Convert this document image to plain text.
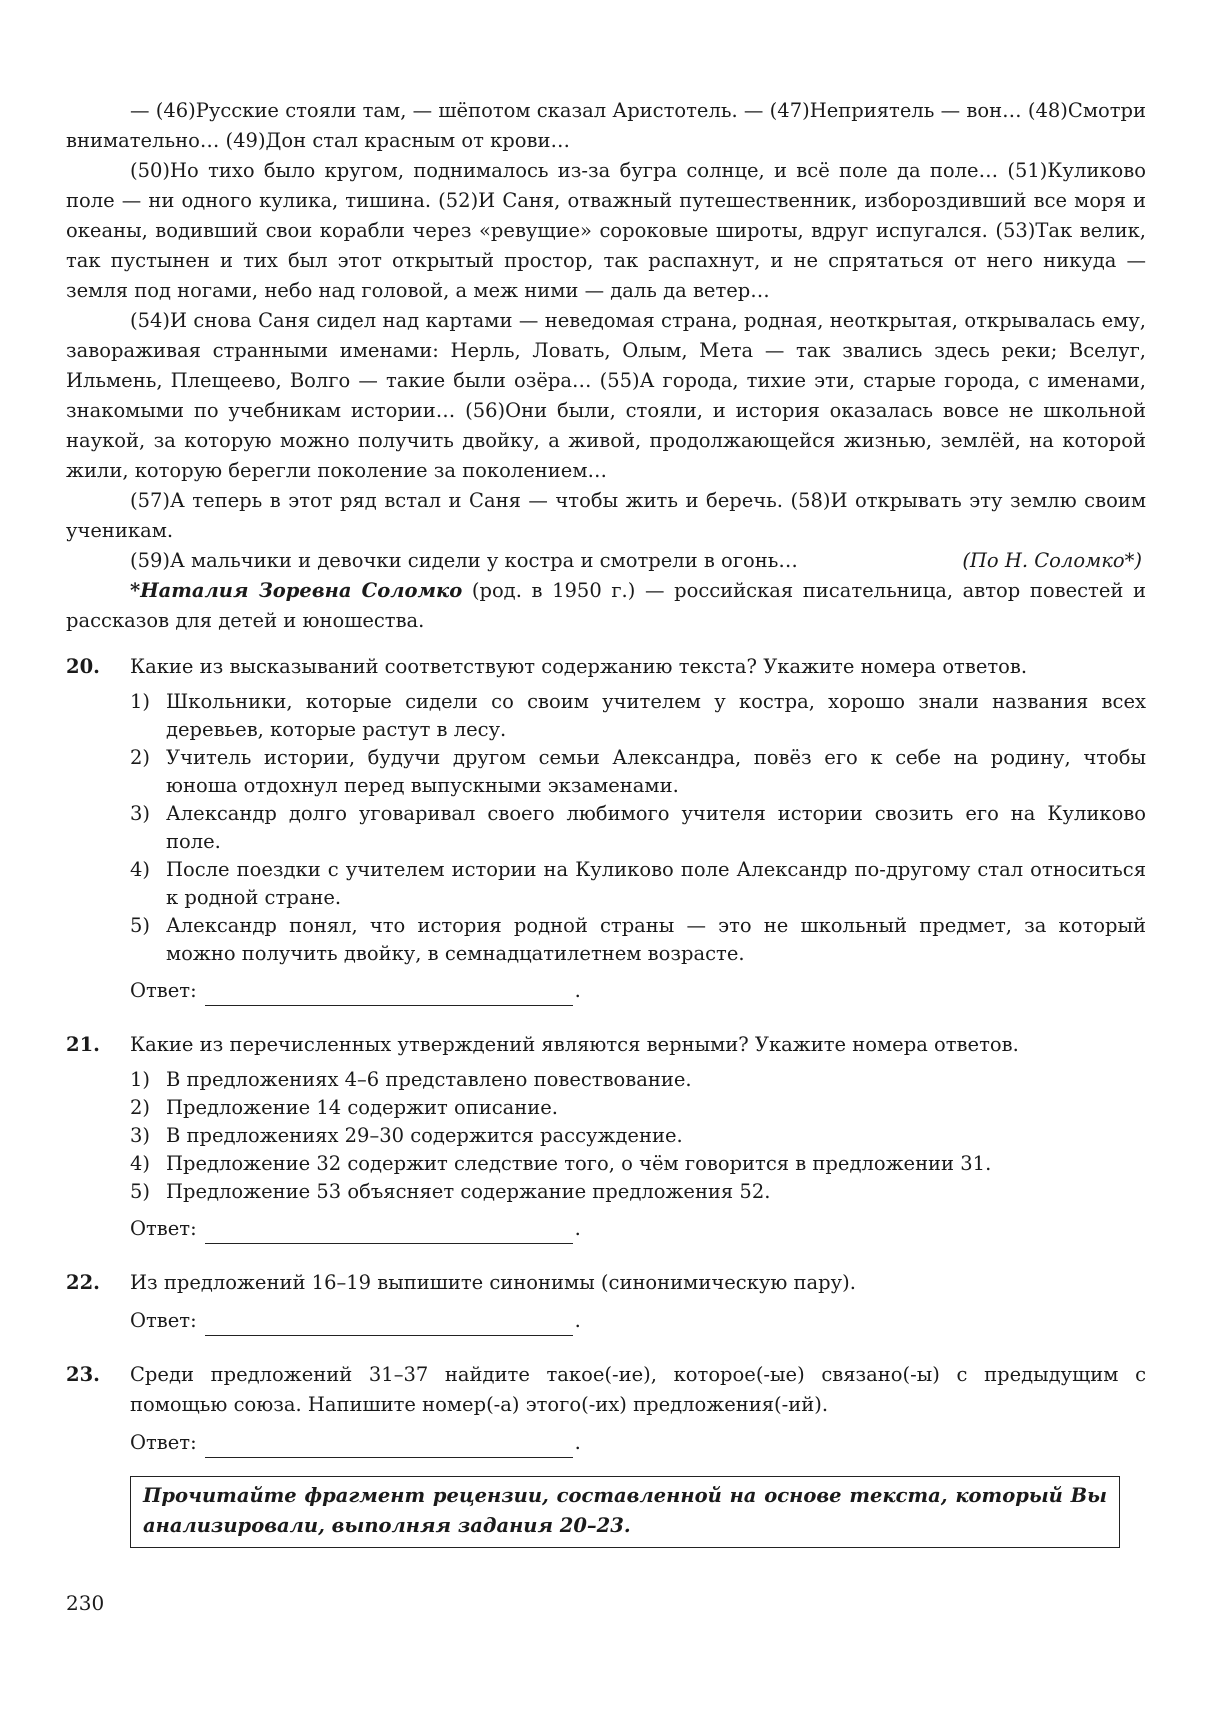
— (46)Русские стояли там, — шёпотом сказал Аристотель. — (47)Неприятель — вон… (48)Смотри внимательно… (49)Дон стал красным от крови…

(50)Но тихо было кругом, поднималось из-за бугра солнце, и всё поле да поле… (51)Куликово поле — ни одного кулика, тишина. (52)И Саня, отважный путешественник, избороздивший все моря и океаны, водивший свои корабли через «ревущие» сороковые широты, вдруг испугался. (53)Так велик, так пустынен и тих был этот открытый простор, так распахнут, и не спрятаться от него никуда — земля под ногами, небо над головой, а меж ними — даль да ветер…

(54)И снова Саня сидел над картами — неведомая страна, родная, неоткрытая, открывалась ему, завораживая странными именами: Нерль, Ловать, Олым, Мета — так звались здесь реки; Вселуг, Ильмень, Плещеево, Волго — такие были озёра… (55)А города, тихие эти, старые города, с именами, знакомыми по учебникам истории… (56)Они были, стояли, и история оказалась вовсе не школьной наукой, за которую можно получить двойку, а живой, продолжающейся жизнью, землёй, на которой жили, которую берегли поколение за поколением…

(57)А теперь в этот ряд встал и Саня — чтобы жить и беречь. (58)И открывать эту землю своим ученикам.

(59)А мальчики и девочки сидели у костра и смотрели в огонь…	(По Н. Соломко*)

*Наталия Зоревна Соломко (род. в 1950 г.) — российская писательница, автор повестей и рассказов для детей и юношества.

20.	Какие из высказываний соответствуют содержанию текста? Укажите номера ответов.

1) Школьники, которые сидели со своим учителем у костра, хорошо знали названия всех деревьев, которые растут в лесу.
2) Учитель истории, будучи другом семьи Александра, повёз его к себе на родину, чтобы юноша отдохнул перед выпускными экзаменами.
3) Александр долго уговаривал своего любимого учителя истории свозить его на Куликово поле.
4) После поездки с учителем истории на Куликово поле Александр по-другому стал относиться к родной стране.
5) Александр понял, что история родной страны — это не школьный предмет, за который можно получить двойку, в семнадцатилетнем возрасте.
Ответ:	.
21.	Какие из перечисленных утверждений являются верными? Укажите номера ответов.

1) В предложениях 4–6 представлено повествование.
2) Предложение 14 содержит описание.
3) В предложениях 29–30 содержится рассуждение.
4) Предложение 32 содержит следствие того, о чём говорится в предложении 31.
5) Предложение 53 объясняет содержание предложения 52.
Ответ:	.
22.	Из предложений 16–19 выпишите синонимы (синонимическую пару).

Ответ:	.
23.	Среди предложений 31–37 найдите такое(-ие), которое(-ые) связано(-ы) с предыдущим с помощью союза. Напишите номер(-а) этого(-их) предложения(-ий).

Ответ:	.
Прочитайте фрагмент рецензии, составленной на основе текста, который Вы анализировали, выполняя задания 20–23.
230
